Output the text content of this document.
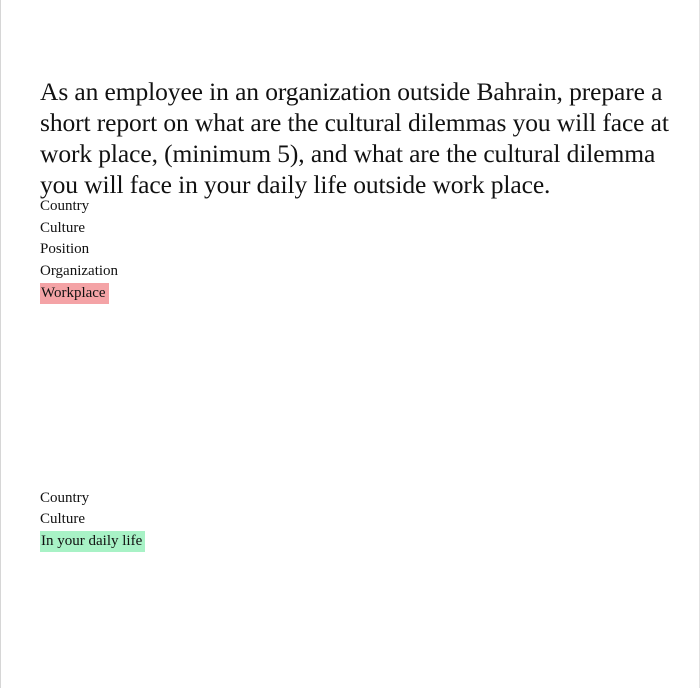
As an employee in an organization outside Bahrain, prepare a
short report on what are the cultural dilemmas you will face at
work place, (minimum 5), and what are the cultural dilemma
you will face in your daily life outside work place.

Country
Culture
Position
Organization
Workplace
Country
Culture
In your daily life
